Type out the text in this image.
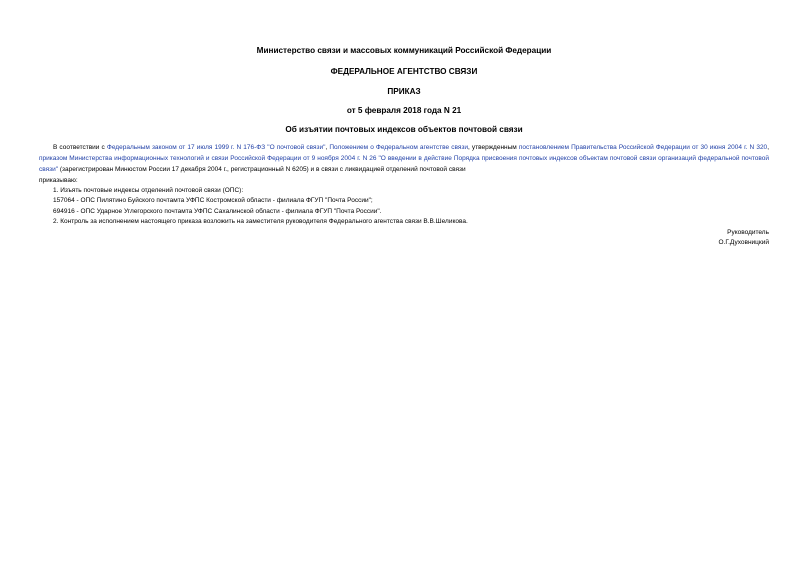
Министерство связи и массовых коммуникаций Российской Федерации
ФЕДЕРАЛЬНОЕ АГЕНТСТВО СВЯЗИ
ПРИКАЗ
от 5 февраля 2018 года N 21
Об изъятии почтовых индексов объектов почтовой связи
В соответствии с Федеральным законом от 17 июля 1999 г. N 176-ФЗ "О почтовой связи", Положением о Федеральном агентстве связи, утвержденным постановлением Правительства Российской Федерации от 30 июня 2004 г. N 320, приказом Министерства информационных технологий и связи Российской Федерации от 9 ноября 2004 г. N 26 "О введении в действие Порядка присвоения почтовых индексов объектам почтовой связи организаций федеральной почтовой связи" (зарегистрирован Минюстом России 17 декабря 2004 г., регистрационный N 6205) и в связи с ликвидацией отделений почтовой связи
приказываю:
1. Изъять почтовые индексы отделений почтовой связи (ОПС):
157064 - ОПС Пилятино Буйского почтамта УФПС Костромской области - филиала ФГУП "Почта России";
694916 - ОПС Ударное Углегорского почтамта УФПС Сахалинской области - филиала ФГУП "Почта России".
2. Контроль за исполнением настоящего приказа возложить на заместителя руководителя Федерального агентства связи В.В.Шеликова.
Руководитель
О.Г.Духовницкий
